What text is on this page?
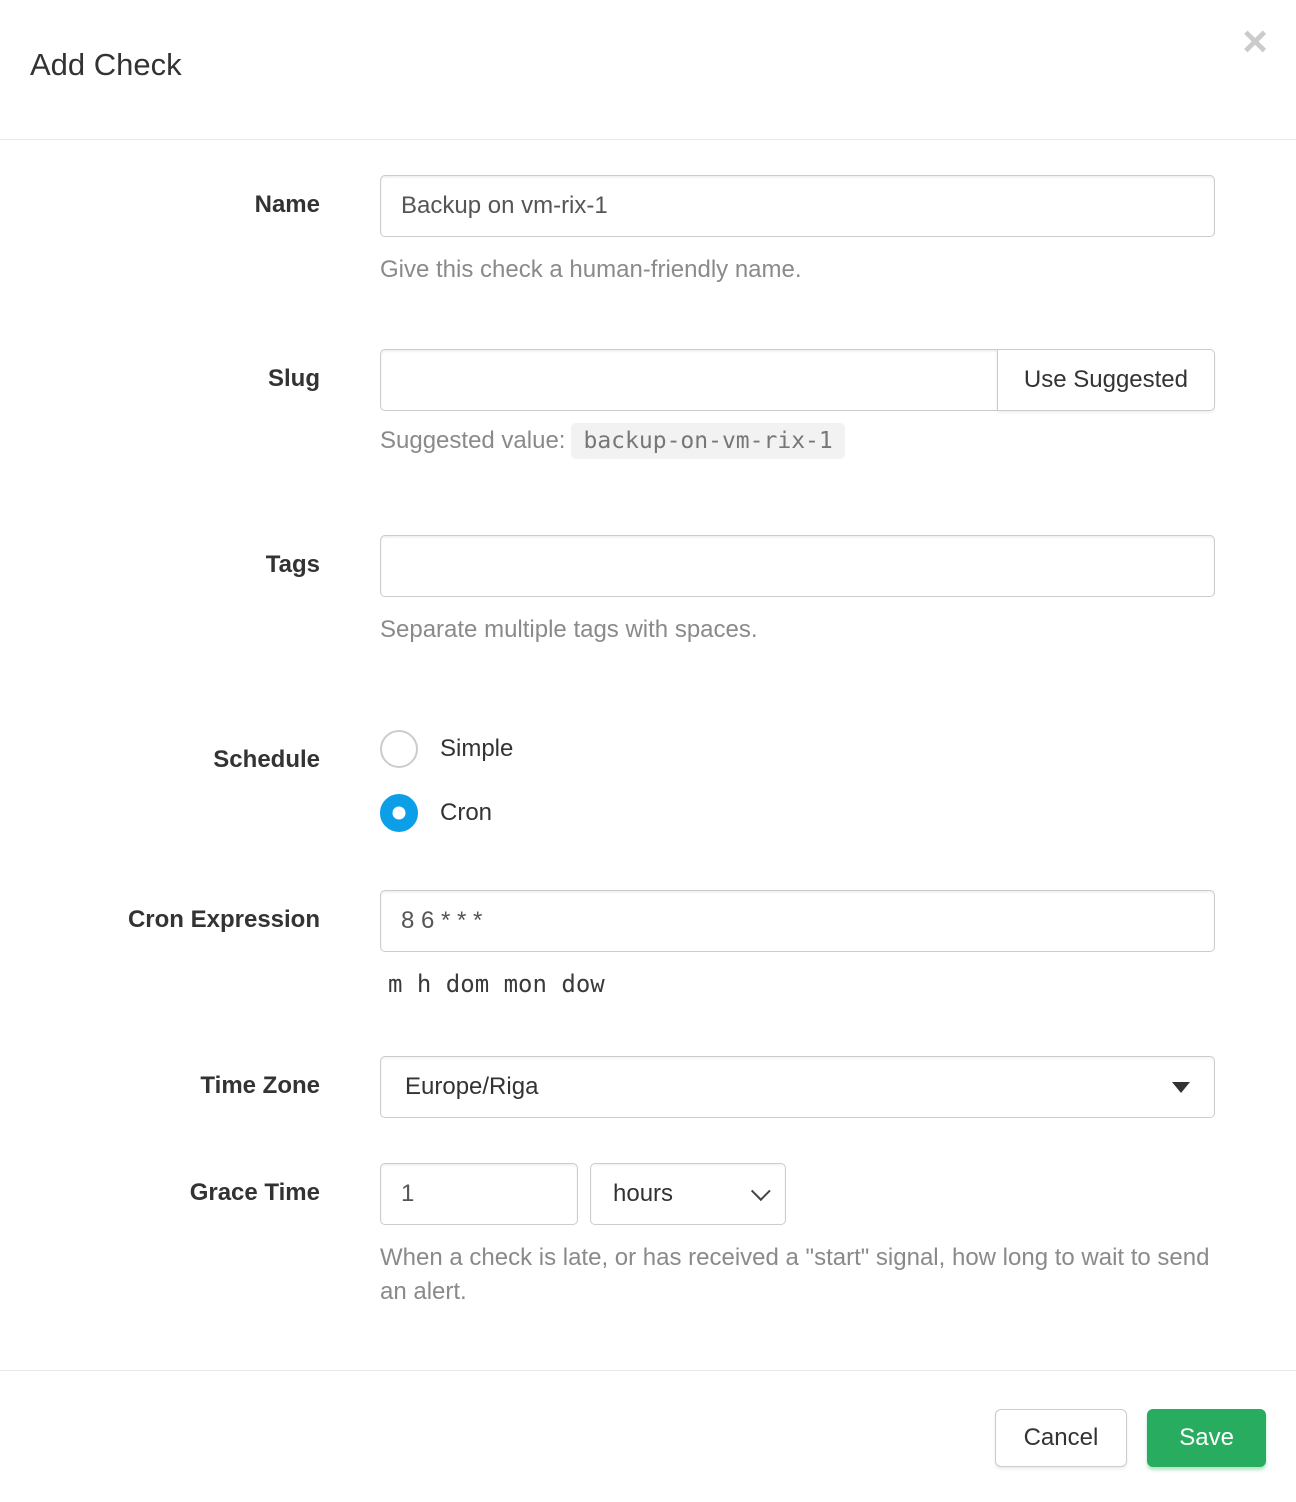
Add Check	×
Name
Backup on vm-rix-1

Give this check a human-friendly name.

Slug	Use Suggested

Suggested value: backup-on-vm-rix-1

Tags

Separate multiple tags with spaces.

Schedule	Simple
Cron
Cron Expression
8 6 * * *

m h dom mon dow

Time Zone	Europe/Riga
Grace Time
1	hours

When a check is late, or has received a "start" signal, how long to wait to send an alert.

Cancel	Save
